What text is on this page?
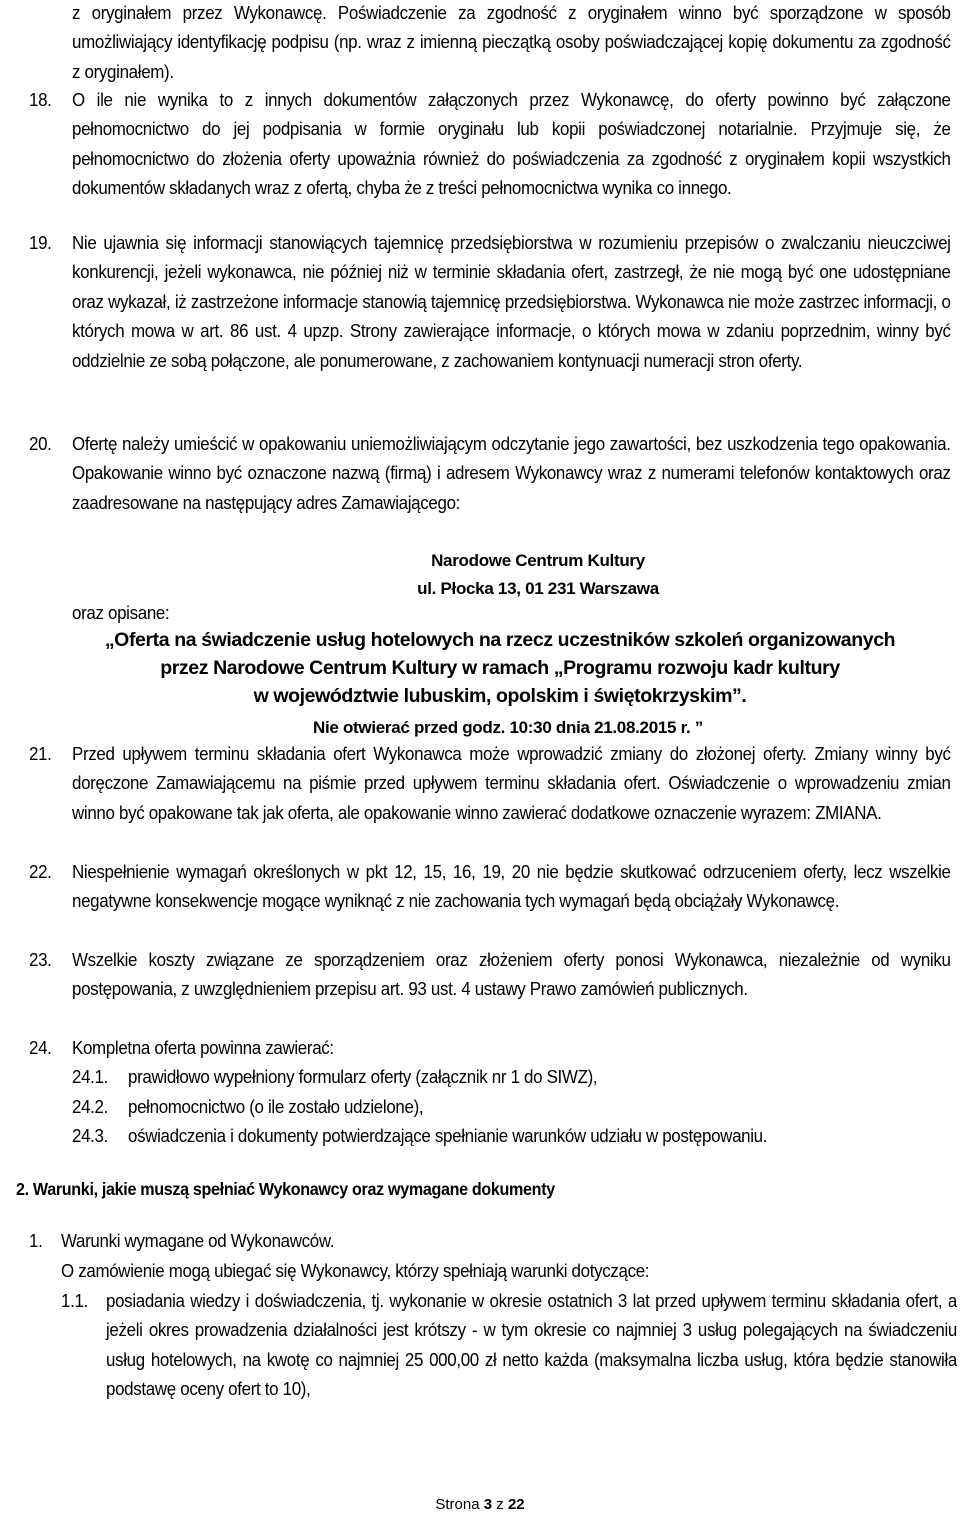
z oryginałem przez Wykonawcę. Poświadczenie za zgodność z oryginałem winno być sporządzone w sposób umożliwiający identyfikację podpisu (np. wraz z imienną pieczątką osoby poświadczającej kopię dokumentu za zgodność z oryginałem).
18. O ile nie wynika to z innych dokumentów załączonych przez Wykonawcę, do oferty powinno być załączone pełnomocnictwo do jej podpisania w formie oryginału lub kopii poświadczonej notarialnie. Przyjmuje się, że pełnomocnictwo do złożenia oferty upoważnia również do poświadczenia za zgodność z oryginałem kopii wszystkich dokumentów składanych wraz z ofertą, chyba że z treści pełnomocnictwa wynika co innego.
19. Nie ujawnia się informacji stanowiących tajemnicę przedsiębiorstwa w rozumieniu przepisów o zwalczaniu nieuczciwej konkurencji, jeżeli wykonawca, nie później niż w terminie składania ofert, zastrzegł, że nie mogą być one udostępniane oraz wykazał, iż zastrzeżone informacje stanowią tajemnicę przedsiębiorstwa. Wykonawca nie może zastrzec informacji, o których mowa w art. 86 ust. 4 upzp. Strony zawierające informacje, o których mowa w zdaniu poprzednim, winny być oddzielnie ze sobą połączone, ale ponumerowane, z zachowaniem kontynuacji numeracji stron oferty.
20. Ofertę należy umieścić w opakowaniu uniemożliwiającym odczytanie jego zawartości, bez uszkodzenia tego opakowania. Opakowanie winno być oznaczone nazwą (firmą) i adresem Wykonawcy wraz z numerami telefonów kontaktowych oraz zaadresowane na następujący adres Zamawiającego:
Narodowe Centrum Kultury
ul. Płocka 13, 01 231 Warszawa
oraz opisane:
„Oferta na świadczenie usług hotelowych na rzecz uczestników szkoleń organizowanych
przez Narodowe Centrum Kultury w ramach „Programu rozwoju kadr kultury
w województwie lubuskim, opolskim i świętokrzyskim”.
Nie otwierać przed godz. 10:30 dnia 21.08.2015 r. ”
21. Przed upływem terminu składania ofert Wykonawca może wprowadzić zmiany do złożonej oferty. Zmiany winny być doręczone Zamawiającemu na piśmie przed upływem terminu składania ofert. Oświadczenie o wprowadzeniu zmian winno być opakowane tak jak oferta, ale opakowanie winno zawierać dodatkowe oznaczenie wyrazem: ZMIANA.
22. Niespełnienie wymagań określonych w pkt 12, 15, 16, 19, 20 nie będzie skutkować odrzuceniem oferty, lecz wszelkie negatywne konsekwencje mogące wyniknąć z nie zachowania tych wymagań będą obciążały Wykonawcę.
23. Wszelkie koszty związane ze sporządzeniem oraz złożeniem oferty ponosi Wykonawca, niezależnie od wyniku postępowania, z uwzględnieniem przepisu art. 93 ust. 4 ustawy Prawo zamówień publicznych.
24. Kompletna oferta powinna zawierać:
24.1. prawidłowo wypełniony formularz oferty (załącznik nr 1 do SIWZ),
24.2. pełnomocnictwo (o ile zostało udzielone),
24.3. oświadczenia i dokumenty potwierdzające spełnianie warunków udziału w postępowaniu.
2. Warunki, jakie muszą spełniać Wykonawcy oraz wymagane dokumenty
1. Warunki wymagane od Wykonawców.
O zamówienie mogą ubiegać się Wykonawcy, którzy spełniają warunki dotyczące:
1.1. posiadania wiedzy i doświadczenia, tj. wykonanie w okresie ostatnich 3 lat przed upływem terminu składania ofert, a jeżeli okres prowadzenia działalności jest krótszy - w tym okresie co najmniej 3 usług polegających na świadczeniu usług hotelowych, na kwotę co najmniej 25 000,00 zł netto każda (maksymalna liczba usług, która będzie stanowiła podstawę oceny ofert to 10),
Strona 3 z 22
